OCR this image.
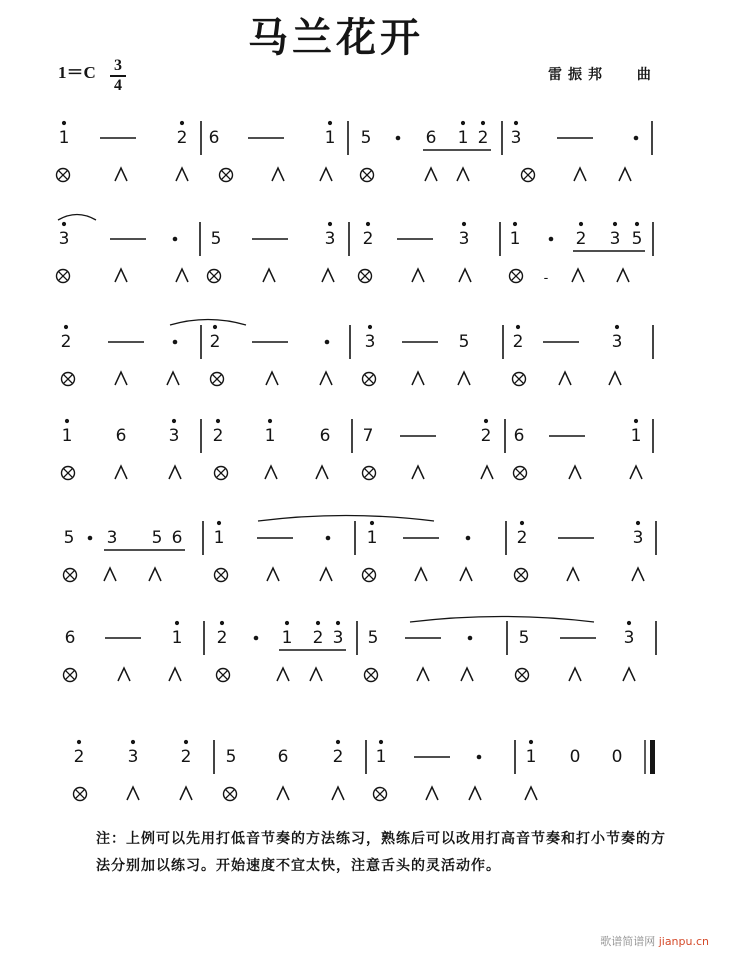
马兰花开
1＝C 3
4
雷振邦 曲
1	2 6	1 5	6 1 2 3
3	5	3 2	3 1	2 3 5
-
2	2	3	5	2	3
1	6 3 2 1	6 7	2 6	1
5 3 5 6 1	1	2	3
6	1 2	1 2 3 5	5	3
2	3 2 5 6	2 1	1 0 0
注：上例可以先用打低音节奏的方法练习，熟练后可以改用打高音节奏和打小节奏的方法分别加以练习。开始速度不宜太快，注意舌头的灵活动作。
歌谱简谱网 jianpu.cn
